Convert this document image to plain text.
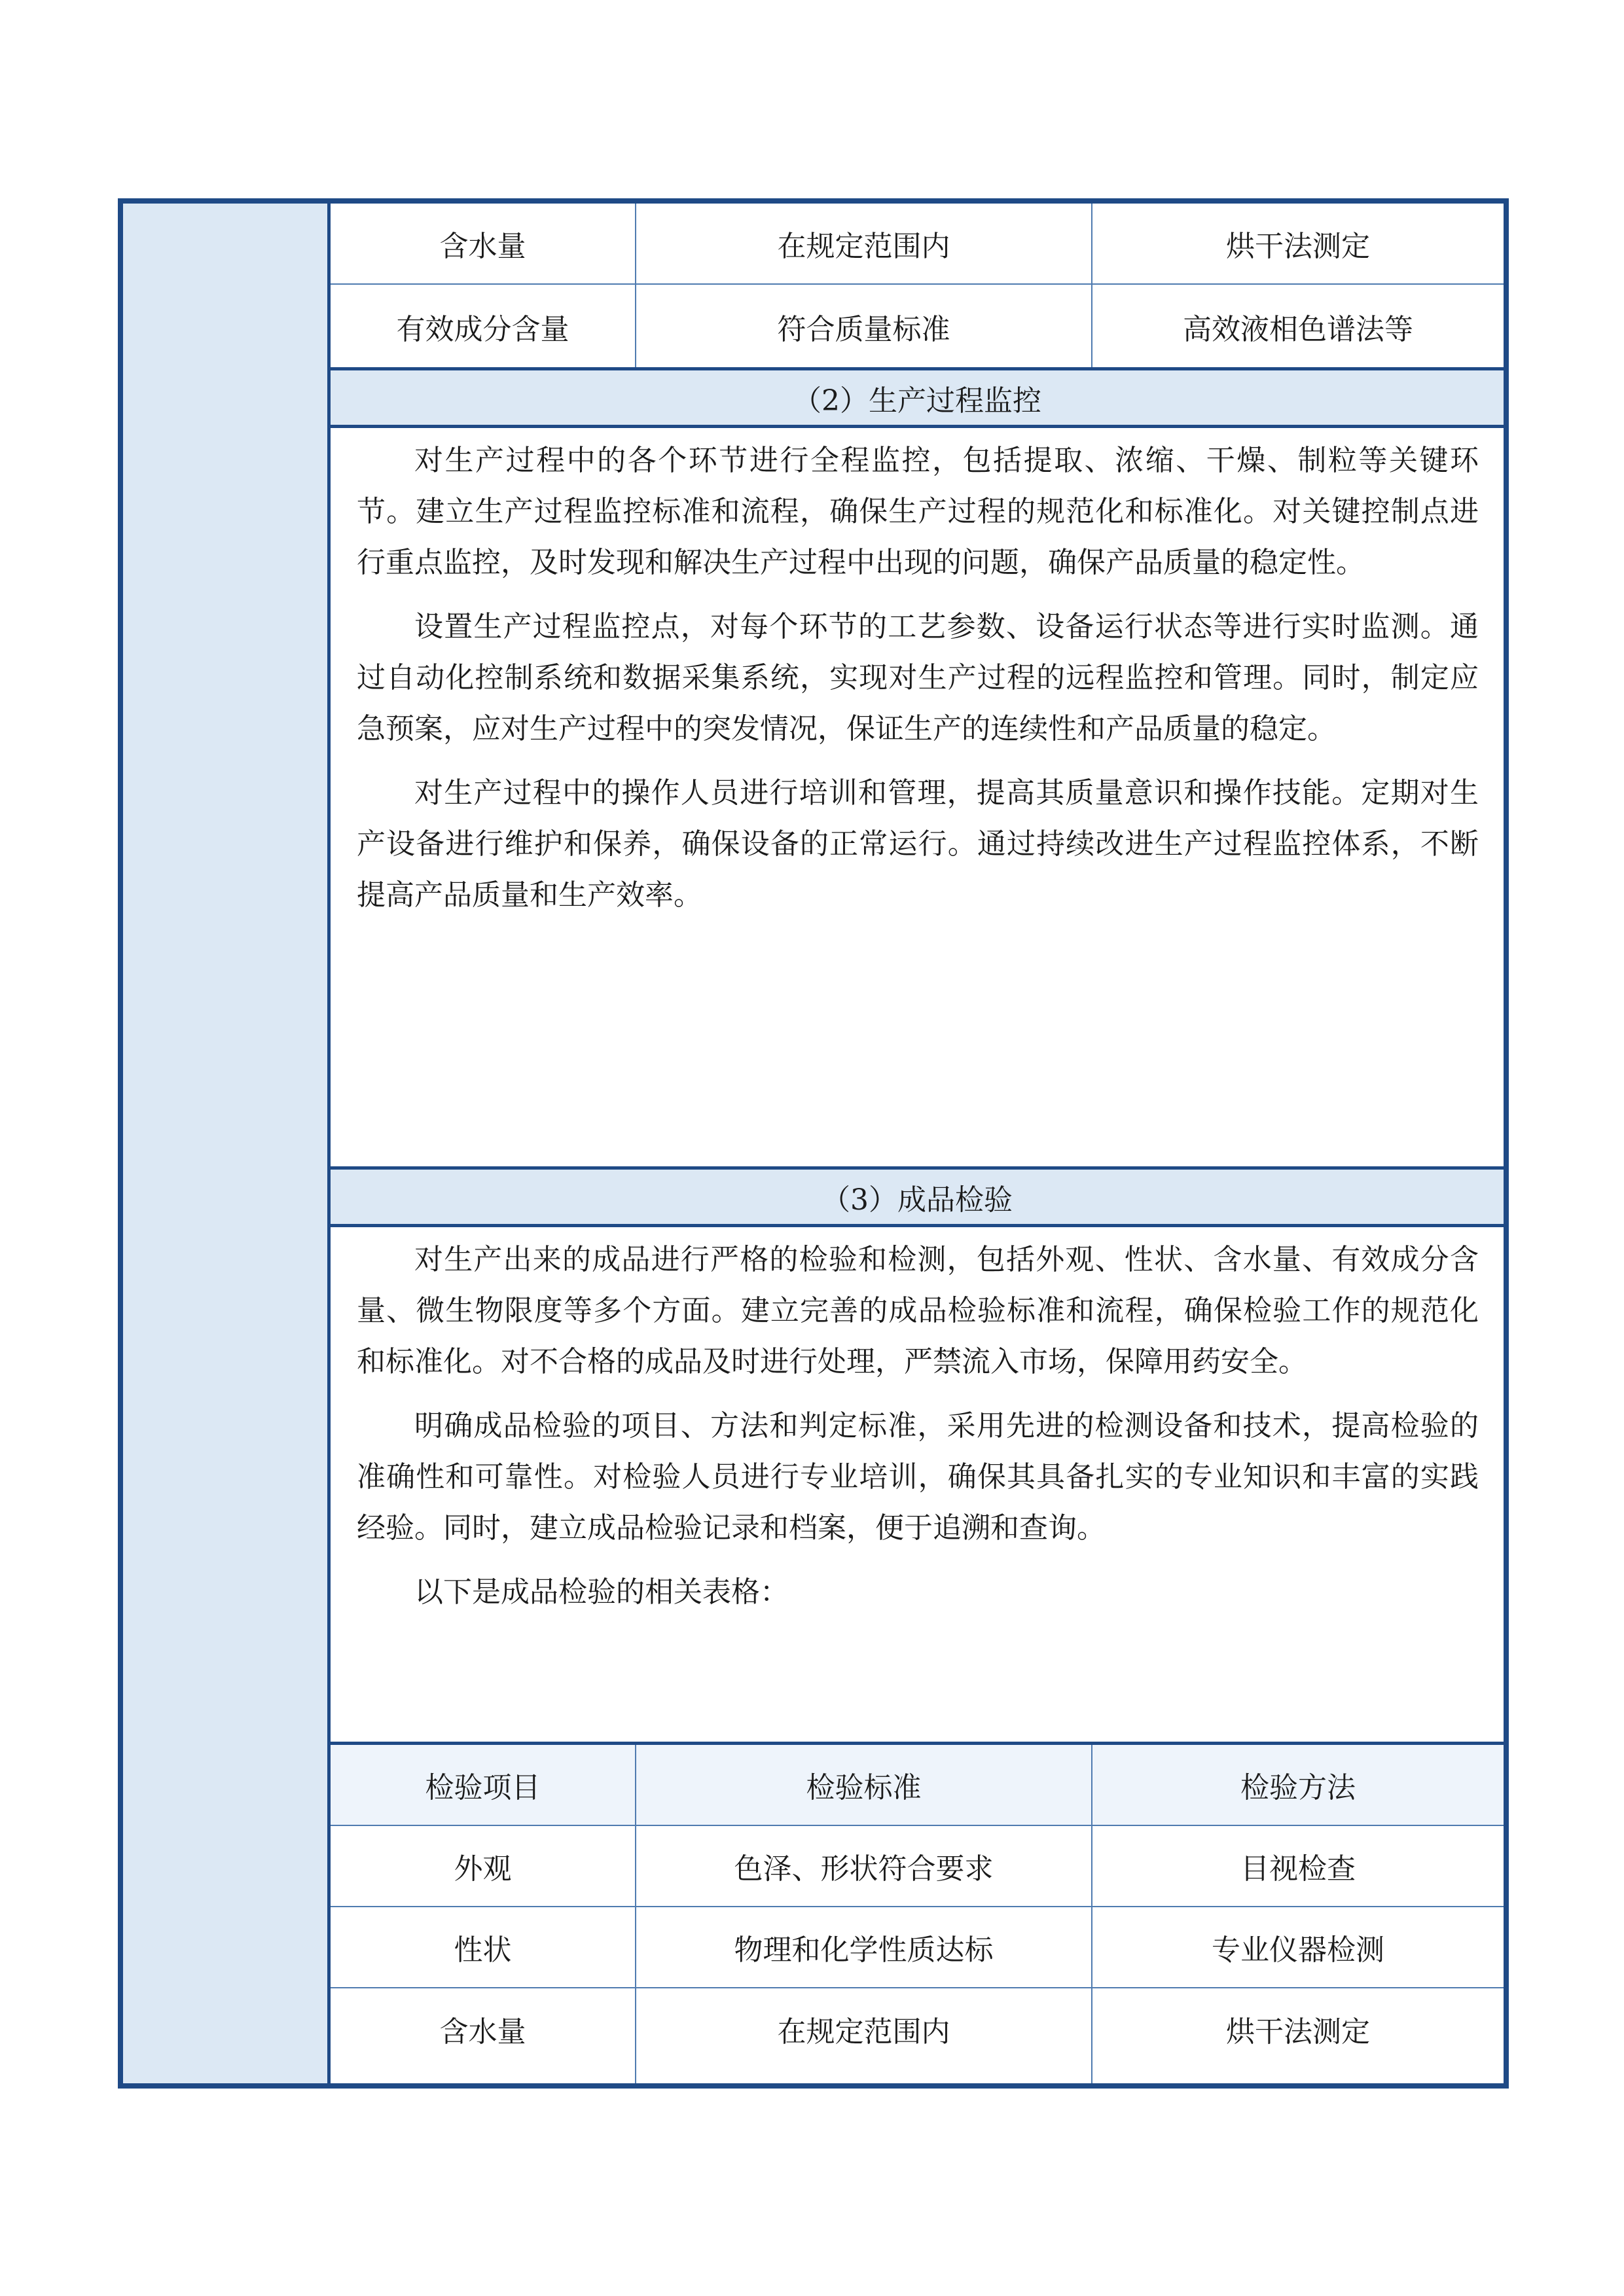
含水量	在规定范围内	烘干法测定
有效成分含量	符合质量标准	高效液相色谱法等
（2）生产过程监控

对生产过程中的各个环节进行全程监控，包括提取、浓缩、干燥、制粒等关键环节。建立生产过程监控标准和流程，确保生产过程的规范化和标准化。对关键控制点进行重点监控，及时发现和解决生产过程中出现的问题，确保产品质量的稳定性。

设置生产过程监控点，对每个环节的工艺参数、设备运行状态等进行实时监测。通过自动化控制系统和数据采集系统，实现对生产过程的远程监控和管理。同时，制定应急预案，应对生产过程中的突发情况，保证生产的连续性和产品质量的稳定。

对生产过程中的操作人员进行培训和管理，提高其质量意识和操作技能。定期对生产设备进行维护和保养，确保设备的正常运行。通过持续改进生产过程监控体系，不断提高产品质量和生产效率。

（3）成品检验

对生产出来的成品进行严格的检验和检测，包括外观、性状、含水量、有效成分含量、微生物限度等多个方面。建立完善的成品检验标准和流程，确保检验工作的规范化和标准化。对不合格的成品及时进行处理，严禁流入市场，保障用药安全。

明确成品检验的项目、方法和判定标准，采用先进的检测设备和技术，提高检验的准确性和可靠性。对检验人员进行专业培训，确保其具备扎实的专业知识和丰富的实践经验。同时，建立成品检验记录和档案，便于追溯和查询。

以下是成品检验的相关表格：

检验项目	检验标准	检验方法
外观	色泽、形状符合要求	目视检查
性状	物理和化学性质达标	专业仪器检测
含水量	在规定范围内	烘干法测定
